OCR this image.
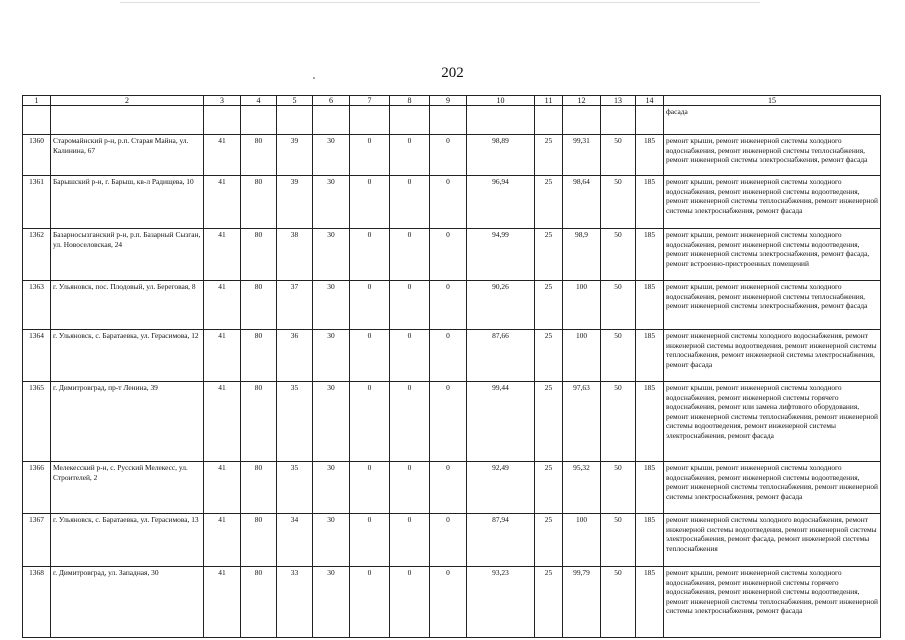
202
1	2	3	4	5	6	7	8	9	10	11	12	13	14	15
														фасада
1360	Старомайнский р-н, р.п. Старая Майна, ул. Калинина, 67	41	80	39	30	0	0	0	98,89	25	99,31	50	185	ремонт крыши, ремонт инженерной системы холодного водоснабжения, ремонт инженерной системы теплоснабжения, ремонт инженерной системы электроснабжения, ремонт фасада
1361	Барышский р-н, г. Барыш, кв-л Радищева, 10	41	80	39	30	0	0	0	96,94	25	98,64	50	185	ремонт крыши, ремонт инженерной системы холодного водоснабжения, ремонт инженерной системы водоотведения, ремонт инженерной системы теплоснабжения, ремонт инженерной системы электроснабжения, ремонт фасада
1362	Базарносызганский р-н, р.п. Базарный Сызган, ул. Новоселовская, 24	41	80	38	30	0	0	0	94,99	25	98,9	50	185	ремонт крыши, ремонт инженерной системы холодного водоснабжения, ремонт инженерной системы водоотведения, ремонт инженерной системы электроснабжения, ремонт фасада, ремонт встроенно-пристроенных помещений
1363	г. Ульяновск, пос. Плодовый, ул. Береговая, 8	41	80	37	30	0	0	0	90,26	25	100	50	185	ремонт крыши, ремонт инженерной системы холодного водоснабжения, ремонт инженерной системы теплоснабжения, ремонт инженерной системы электроснабжения, ремонт фасада
1364	г. Ульяновск, с. Баратаевка, ул. Герасимова, 12	41	80	36	30	0	0	0	87,66	25	100	50	185	ремонт инженерной системы холодного водоснабжения, ремонт инженерной системы водоотведения, ремонт инженерной системы теплоснабжения, ремонт инженерной системы электроснабжения, ремонт фасада
1365	г. Димитровград, пр-т Ленина, 39	41	80	35	30	0	0	0	99,44	25	97,63	50	185	ремонт крыши, ремонт инженерной системы холодного водоснабжения, ремонт инженерной системы горячего водоснабжения, ремонт или замена лифтового оборудования, ремонт инженерной системы теплоснабжения, ремонт инженерной системы водоотведения, ремонт инженерной системы электроснабжения, ремонт фасада
1366	Мелекесский р-н, с. Русский Мелекесс, ул. Строителей, 2	41	80	35	30	0	0	0	92,49	25	95,32	50	185	ремонт крыши, ремонт инженерной системы холодного водоснабжения, ремонт инженерной системы водоотведения, ремонт инженерной системы теплоснабжения, ремонт инженерной системы электроснабжения, ремонт фасада
1367	г. Ульяновск, с. Баратаевка, ул. Герасимова, 13	41	80	34	30	0	0	0	87,94	25	100	50	185	ремонт инженерной системы холодного водоснабжения, ремонт инженерной системы водоотведения, ремонт инженерной системы электроснабжения, ремонт фасада, ремонт инженерной системы теплоснабжения
1368	г. Димитровград, ул. Западная, 30	41	80	33	30	0	0	0	93,23	25	99,79	50	185	ремонт крыши, ремонт инженерной системы холодного водоснабжения, ремонт инженерной системы горячего водоснабжения, ремонт инженерной системы водоотведения, ремонт инженерной системы теплоснабжения, ремонт инженерной системы электроснабжения, ремонт фасада
